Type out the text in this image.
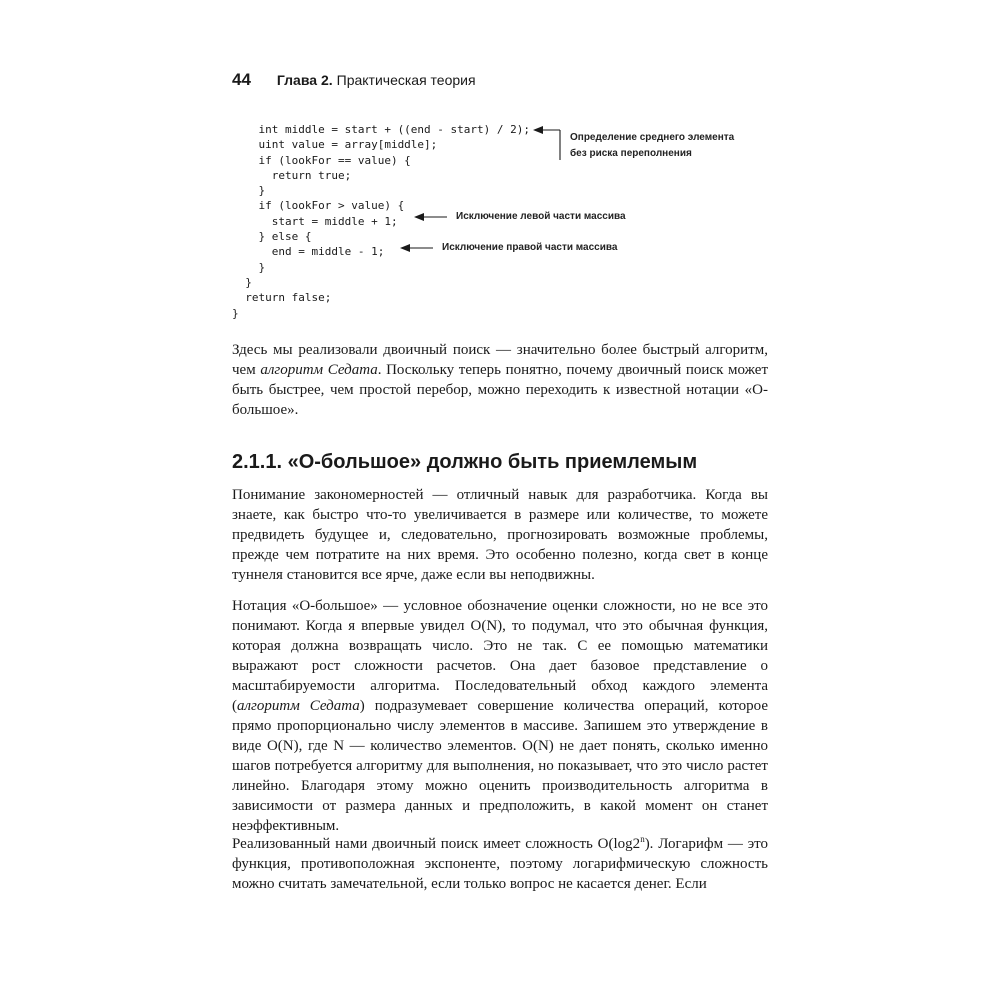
44 Глава 2. Практическая теория
int middle = start + ((end - start) / 2);
uint value = array[middle];
if (lookFor == value) {
return true;
}
if (lookFor > value) {
start = middle + 1;
} else {
end = middle - 1;
}
}
return false;
}
Определение среднего элемента
без риска переполнения
Исключение левой части массива
Исключение правой части массива

Здесь мы реализовали двоичный поиск — значительно более быстрый алгоритм, чем алгоритм Седата. Поскольку теперь понятно, почему двоичный поиск может быть быстрее, чем простой перебор, можно переходить к известной нотации «О-большое».

2.1.1. «О-большое» должно быть приемлемым

Понимание закономерностей — отличный навык для разработчика. Когда вы знаете, как быстро что-то увеличивается в размере или количестве, то можете предвидеть будущее и, следовательно, прогнозировать возможные проблемы, прежде чем потратите на них время. Это особенно полезно, когда свет в конце туннеля становится все ярче, даже если вы неподвижны.

Нотация «О-большое» — условное обозначение оценки сложности, но не все это понимают. Когда я впервые увидел O(N), то подумал, что это обычная функция, которая должна возвращать число. Это не так. С ее помощью математики выражают рост сложности расчетов. Она дает базовое представление о масштабируемости алгоритма. Последовательный обход каждого элемента (алгоритм Седата) подразумевает совершение количества операций, которое прямо пропорционально числу элементов в массиве. Запишем это утверждение в виде O(N), где N — количество элементов. O(N) не дает понять, сколько именно шагов потребуется алгоритму для выполнения, но показывает, что это число растет линейно. Благодаря этому можно оценить производительность алгоритма в зависимости от размера данных и предположить, в какой момент он станет неэффективным.

Реализованный нами двоичный поиск имеет сложность O(log2$^n$). Логарифм — это функция, противоположная экспоненте, поэтому логарифмическую сложность можно считать замечательной, если только вопрос не касается денег. Если
